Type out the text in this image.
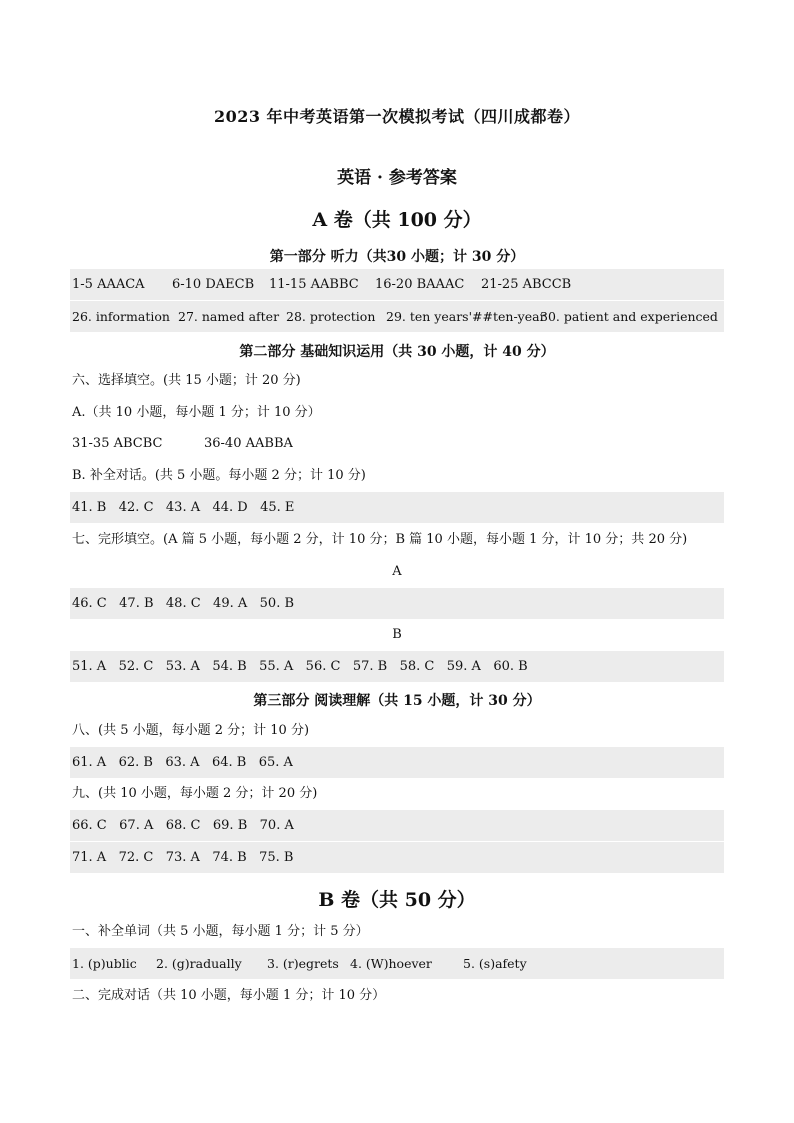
2023 年中考英语第一次模拟考试（四川成都卷）
英语 · 参考答案
A 卷（共 100 分）
第一部分 听力（共30 小题；计 30 分）
1-5 AAACA 6-10 DAECB 11-15 AABBC 16-20 BAAAC 21-25 ABCCB
26. information 27. named after 28. protection 29. ten years'##ten-year
30. patient and experienced
第二部分 基础知识运用（共 30 小题，计 40 分）
六、选择填空。(共 15 小题；计 20 分)
A.（共 10 小题，每小题 1 分；计 10 分）
31-35 ABCBC	36-40 AABBA
B. 补全对话。(共 5 小题。每小题 2 分；计 10 分)
41. B   42. C   43. A   44. D   45. E
七、完形填空。(A 篇 5 小题，每小题 2 分，计 10 分；B 篇 10 小题，每小题 1 分，计 10 分；共 20 分)
A
46. C   47. B   48. C   49. A   50. B
B
51. A   52. C   53. A   54. B   55. A   56. C   57. B   58. C   59. A   60. B
第三部分 阅读理解（共 15 小题，计 30 分）
八、(共 5 小题，每小题 2 分；计 10 分)
61. A   62. B   63. A   64. B   65. A
九、(共 10 小题，每小题 2 分；计 20 分)
66. C   67. A   68. C   69. B   70. A
71. A   72. C   73. A   74. B   75. B
B 卷（共 50 分）
一、补全单词（共 5 小题，每小题 1 分；计 5 分）
1. (p)ublic 2. (g)radually 3. (r)egrets 4. (W)hoever 5. (s)afety
二、完成对话（共 10 小题，每小题 1 分；计 10 分）
